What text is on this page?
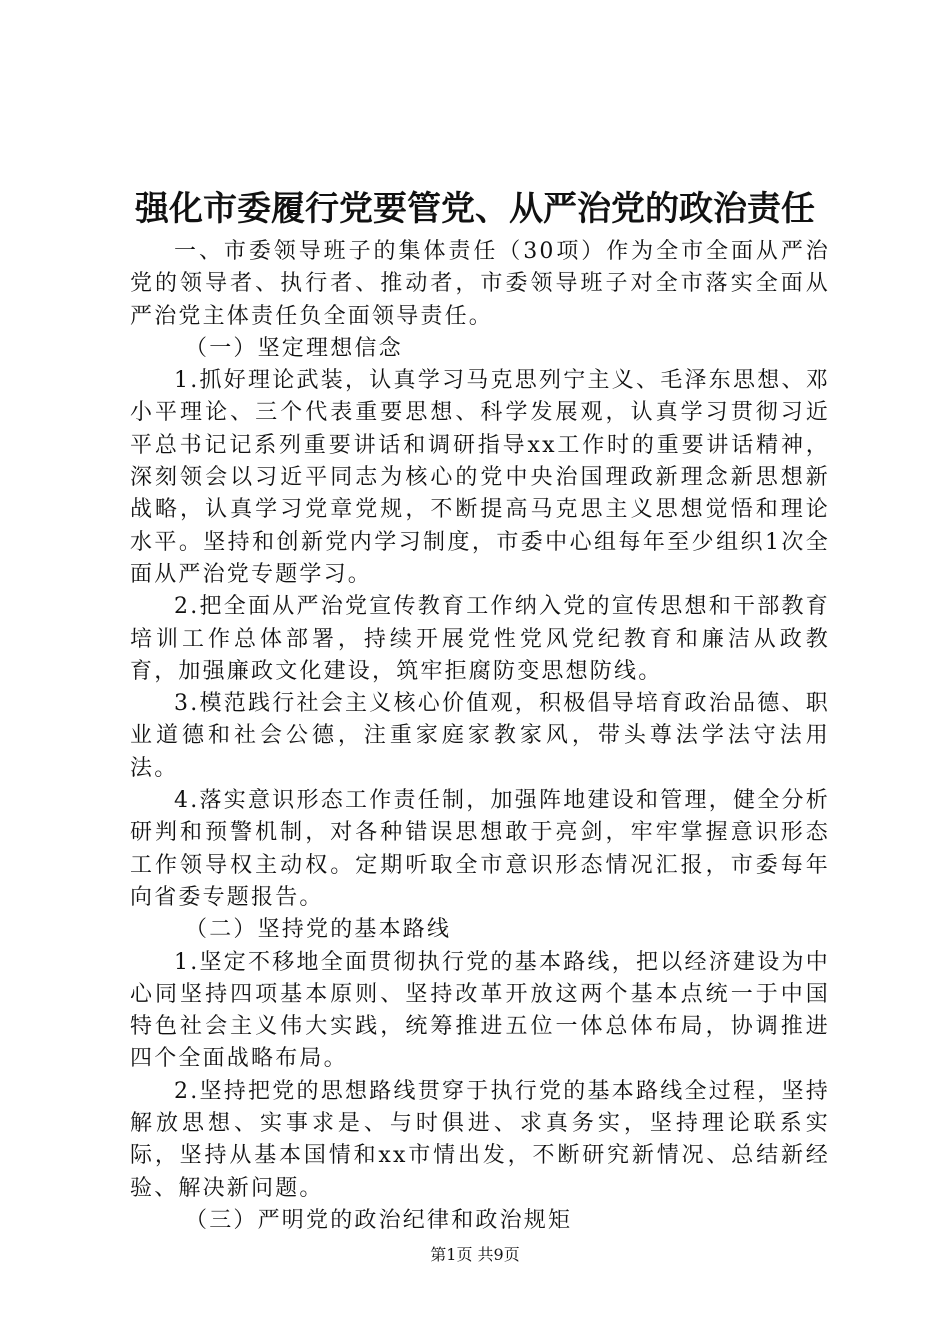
强化市委履行党要管党、从严治党的政治责任

一、市委领导班子的集体责任（30项）作为全市全面从严治党的领导者、执行者、推动者，市委领导班子对全市落实全面从严治党主体责任负全面领导责任。

（一）坚定理想信念

1.抓好理论武装，认真学习马克思列宁主义、毛泽东思想、邓小平理论、三个代表重要思想、科学发展观，认真学习贯彻习近平总书记记系列重要讲话和调研指导xx工作时的重要讲话精神，深刻领会以习近平同志为核心的党中央治国理政新理念新思想新战略，认真学习党章党规，不断提高马克思主义思想觉悟和理论水平。坚持和创新党内学习制度，市委中心组每年至少组织1次全面从严治党专题学习。

2.把全面从严治党宣传教育工作纳入党的宣传思想和干部教育培训工作总体部署，持续开展党性党风党纪教育和廉洁从政教育，加强廉政文化建设，筑牢拒腐防变思想防线。

3.模范践行社会主义核心价值观，积极倡导培育政治品德、职业道德和社会公德，注重家庭家教家风，带头尊法学法守法用法。

4.落实意识形态工作责任制，加强阵地建设和管理，健全分析研判和预警机制，对各种错误思想敢于亮剑，牢牢掌握意识形态工作领导权主动权。定期听取全市意识形态情况汇报，市委每年向省委专题报告。

（二）坚持党的基本路线

1.坚定不移地全面贯彻执行党的基本路线，把以经济建设为中心同坚持四项基本原则、坚持改革开放这两个基本点统一于中国特色社会主义伟大实践，统筹推进五位一体总体布局，协调推进四个全面战略布局。

2.坚持把党的思想路线贯穿于执行党的基本路线全过程，坚持解放思想、实事求是、与时俱进、求真务实，坚持理论联系实际，坚持从基本国情和xx市情出发，不断研究新情况、总结新经验、解决新问题。

（三）严明党的政治纪律和政治规矩

第1页 共9页
